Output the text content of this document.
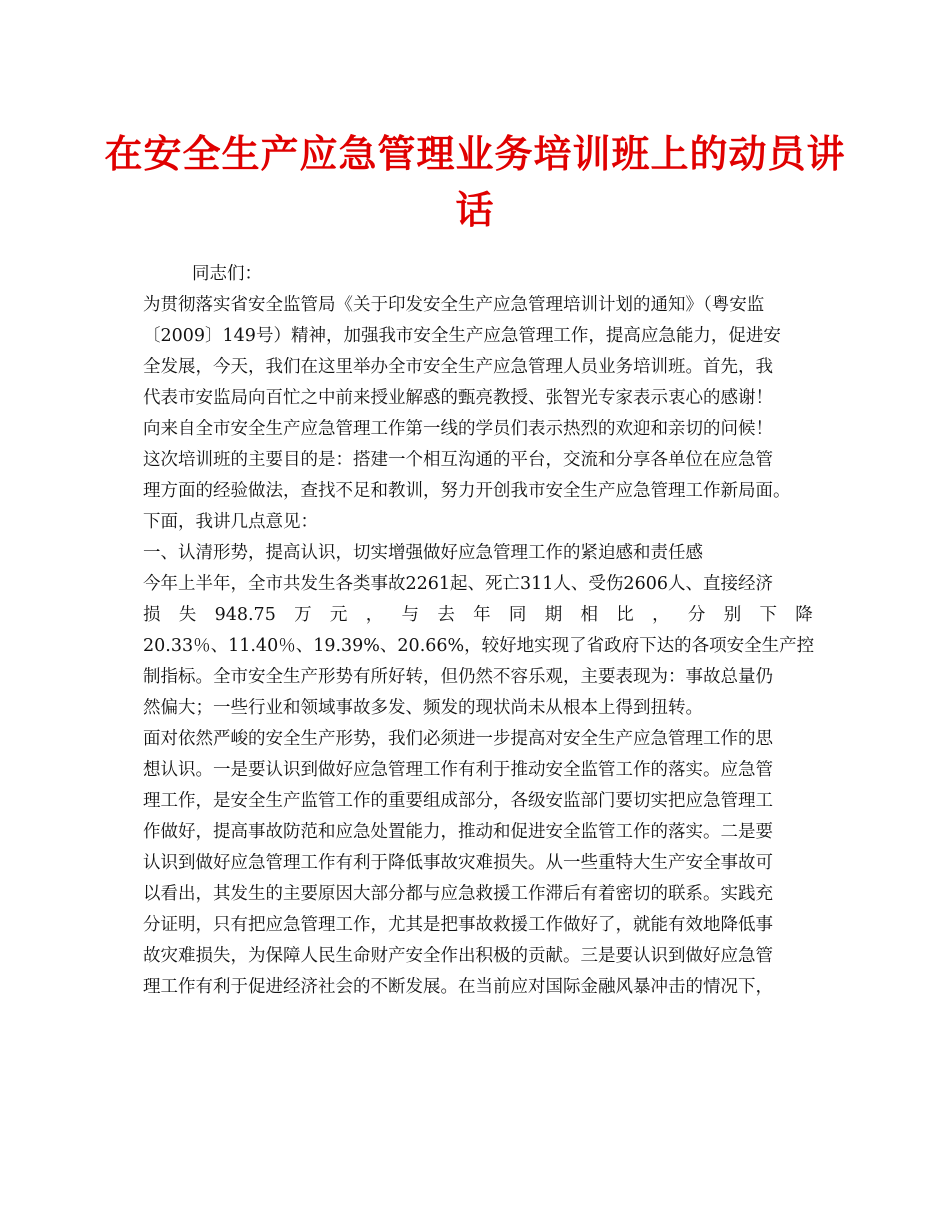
在安全生产应急管理业务培训班上的动员讲
话

同志们：

为贯彻落实省安全监管局《关于印发安全生产应急管理培训计划的通知》（粤安监

〔2009〕149号）精神，加强我市安全生产应急管理工作，提高应急能力，促进安

全发展，今天，我们在这里举办全市安全生产应急管理人员业务培训班。首先，我

代表市安监局向百忙之中前来授业解惑的甄亮教授、张智光专家表示衷心的感谢！

向来自全市安全生产应急管理工作第一线的学员们表示热烈的欢迎和亲切的问候！

这次培训班的主要目的是：搭建一个相互沟通的平台，交流和分享各单位在应急管

理方面的经验做法，查找不足和教训，努力开创我市安全生产应急管理工作新局面。

下面，我讲几点意见：

一、认清形势，提高认识，切实增强做好应急管理工作的紧迫感和责任感

今年上半年，全市共发生各类事故2261起、死亡311人、受伤2606人、直接经济

损 失 948.75 万 元 ， 与 去 年 同 期 相 比 ， 分 别 下 降

20.33％、11.40％、19.39%、20.66%，较好地实现了省政府下达的各项安全生产控

制指标。全市安全生产形势有所好转，但仍然不容乐观，主要表现为：事故总量仍

然偏大；一些行业和领域事故多发、频发的现状尚未从根本上得到扭转。

面对依然严峻的安全生产形势，我们必须进一步提高对安全生产应急管理工作的思

想认识。一是要认识到做好应急管理工作有利于推动安全监管工作的落实。应急管

理工作，是安全生产监管工作的重要组成部分，各级安监部门要切实把应急管理工

作做好，提高事故防范和应急处置能力，推动和促进安全监管工作的落实。二是要

认识到做好应急管理工作有利于降低事故灾难损失。从一些重特大生产安全事故可

以看出，其发生的主要原因大部分都与应急救援工作滞后有着密切的联系。实践充

分证明，只有把应急管理工作，尤其是把事故救援工作做好了，就能有效地降低事

故灾难损失，为保障人民生命财产安全作出积极的贡献。三是要认识到做好应急管

理工作有利于促进经济社会的不断发展。在当前应对国际金融风暴冲击的情况下，
